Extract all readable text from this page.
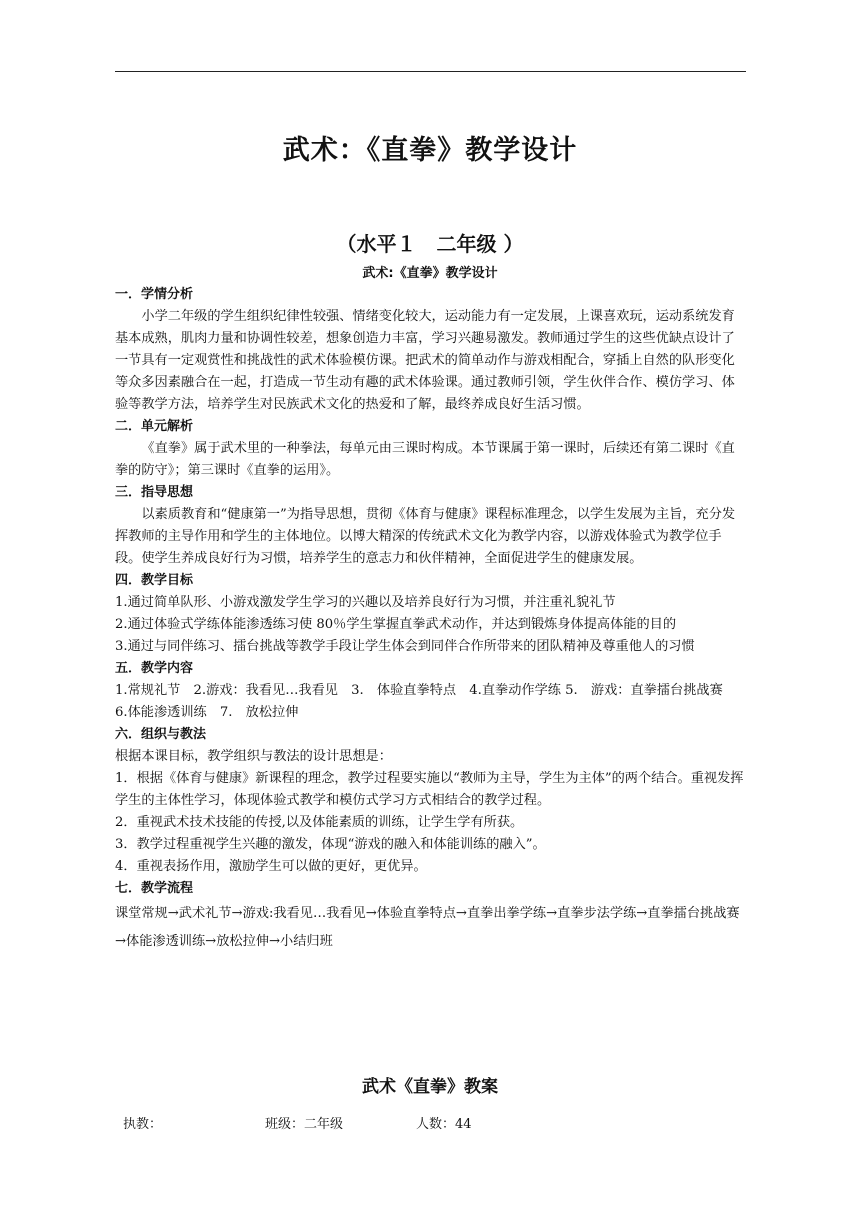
武术：《直拳》教学设计
（水平１　二年级 ）
武术:《直拳》教学设计

一．学情分析

小学二年级的学生组织纪律性较强、情绪变化较大，运动能力有一定发展，上课喜欢玩，运动系统发育基本成熟，肌肉力量和协调性较差，想象创造力丰富，学习兴趣易激发。教师通过学生的这些优缺点设计了一节具有一定观赏性和挑战性的武术体验模仿课。把武术的简单动作与游戏相配合，穿插上自然的队形变化等众多因素融合在一起，打造成一节生动有趣的武术体验课。通过教师引领，学生伙伴合作、模仿学习、体验等教学方法，培养学生对民族武术文化的热爱和了解，最终养成良好生活习惯。

二．单元解析

《直拳》属于武术里的一种拳法，每单元由三课时构成。本节课属于第一课时，后续还有第二课时《直拳的防守》；第三课时《直拳的运用》。

三．指导思想

以素质教育和“健康第一”为指导思想，贯彻《体育与健康》课程标准理念，以学生发展为主旨，充分发挥教师的主导作用和学生的主体地位。以博大精深的传统武术文化为教学内容，以游戏体验式为教学位手段。使学生养成良好行为习惯，培养学生的意志力和伙伴精神，全面促进学生的健康发展。

四．教学目标

1.通过简单队形、小游戏激发学生学习的兴趣以及培养良好行为习惯，并注重礼貌礼节

2.通过体验式学练体能渗透练习使 80％学生掌握直拳武术动作，并达到锻炼身体提高体能的目的

3.通过与同伴练习、擂台挑战等教学手段让学生体会到同伴合作所带来的团队精神及尊重他人的习惯

五．教学内容

1.常规礼节　2.游戏：我看见…我看见　3.　体验直拳特点　4.直拳动作学练 5.　游戏：直拳擂台挑战赛　6.体能渗透训练　7.　放松拉伸

六．组织与教法

根据本课目标，教学组织与教法的设计思想是：

1．根据《体育与健康》新课程的理念，教学过程要实施以“教师为主导，学生为主体”的两个结合。重视发挥学生的主体性学习，体现体验式教学和模仿式学习方式相结合的教学过程。

2．重视武术技术技能的传授,以及体能素质的训练，让学生学有所获。

3．教学过程重视学生兴趣的激发，体现“游戏的融入和体能训练的融入”。

4．重视表扬作用，激励学生可以做的更好，更优异。

七．教学流程

课堂常规→武术礼节→游戏:我看见…我看见→体验直拳特点→直拳出拳学练→直拳步法学练→直拳擂台挑战赛→体能渗透训练→放松拉伸→小结归班

武术《直拳》教案
执教：	班级：二年级	人数：44
